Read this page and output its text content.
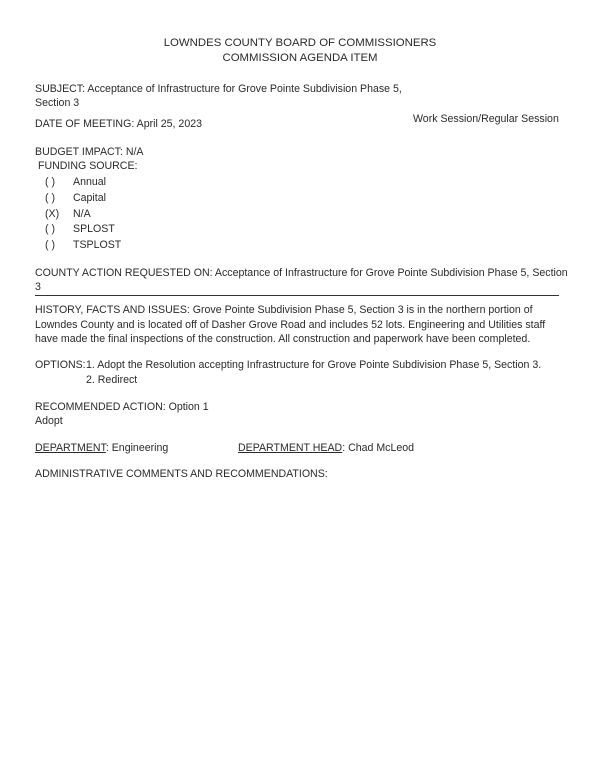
LOWNDES COUNTY BOARD OF COMMISSIONERS
COMMISSION AGENDA ITEM
SUBJECT: Acceptance of Infrastructure for Grove Pointe Subdivision Phase 5,
Section 3
DATE OF MEETING: April 25, 2023	Work Session/Regular Session
BUDGET IMPACT: N/A
FUNDING SOURCE:
( ) Annual
( ) Capital
(X) N/A
( ) SPLOST
( ) TSPLOST
COUNTY ACTION REQUESTED ON: Acceptance of Infrastructure for Grove Pointe Subdivision Phase 5, Section
3
HISTORY, FACTS AND ISSUES: Grove Pointe Subdivision Phase 5, Section 3 is in the northern portion of
Lowndes County and is located off of Dasher Grove Road and includes 52 lots. Engineering and Utilities staff
have made the final inspections of the construction. All construction and paperwork have been completed.
OPTIONS: 1. Adopt the Resolution accepting Infrastructure for Grove Pointe Subdivision Phase 5, Section 3.
2. Redirect
RECOMMENDED ACTION: Option 1
Adopt
DEPARTMENT: Engineering	DEPARTMENT HEAD: Chad McLeod
ADMINISTRATIVE COMMENTS AND RECOMMENDATIONS:
